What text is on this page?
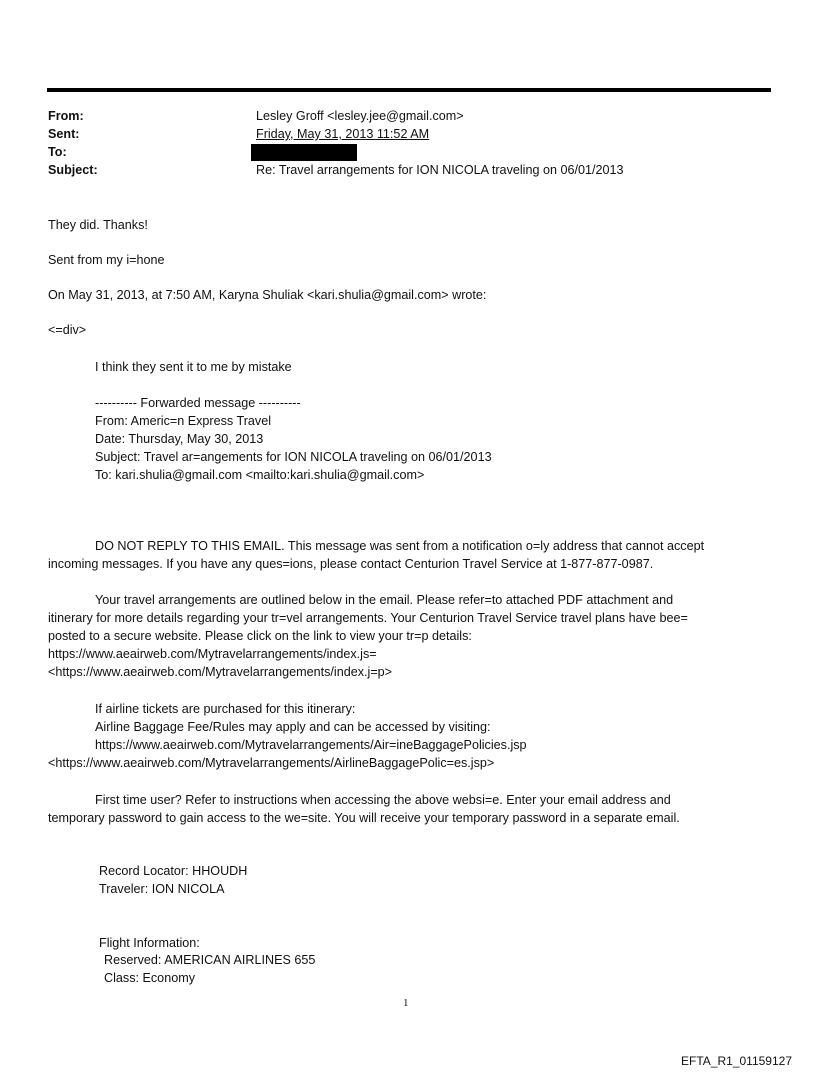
From:	Lesley Groff <lesley.jee@gmail.com>
Sent:	Friday, May 31, 2013 11:52 AM
To:
Subject:	Re: Travel arrangements for ION NICOLA traveling on 06/01/2013
They did. Thanks!
Sent from my i=hone
On May 31, 2013, at 7:50 AM, Karyna Shuliak <kari.shulia@gmail.com> wrote:
<=div>
I think they sent it to me by mistake
---------- Forwarded message ----------
From: Americ=n Express Travel
Date: Thursday, May 30, 2013
Subject: Travel ar=angements for ION NICOLA traveling on 06/01/2013
To: kari.shulia@gmail.com <mailto:kari.shulia@gmail.com>
DO NOT REPLY TO THIS EMAIL. This message was sent from a notification o=ly address that cannot accept
incoming messages. If you have any ques=ions, please contact Centurion Travel Service at 1-877-877-0987.
Your travel arrangements are outlined below in the email. Please refer=to attached PDF attachment and
itinerary for more details regarding your tr=vel arrangements. Your Centurion Travel Service travel plans have bee=
posted to a secure website. Please click on the link to view your tr=p details:
https://www.aeairweb.com/Mytravelarrangements/index.js=
<https://www.aeairweb.com/Mytravelarrangements/index.j=p>
If airline tickets are purchased for this itinerary:
Airline Baggage Fee/Rules may apply and can be accessed by visiting:
https://www.aeairweb.com/Mytravelarrangements/Air=ineBaggagePolicies.jsp
<https://www.aeairweb.com/Mytravelarrangements/AirlineBaggagePolic=es.jsp>
First time user? Refer to instructions when accessing the above websi=e. Enter your email address and
temporary password to gain access to the we=site. You will receive your temporary password in a separate email.
Record Locator: HHOUDH
Traveler: ION NICOLA
Flight Information:
Reserved: AMERICAN AIRLINES 655
Class: Economy
1
EFTA_R1_01159127
